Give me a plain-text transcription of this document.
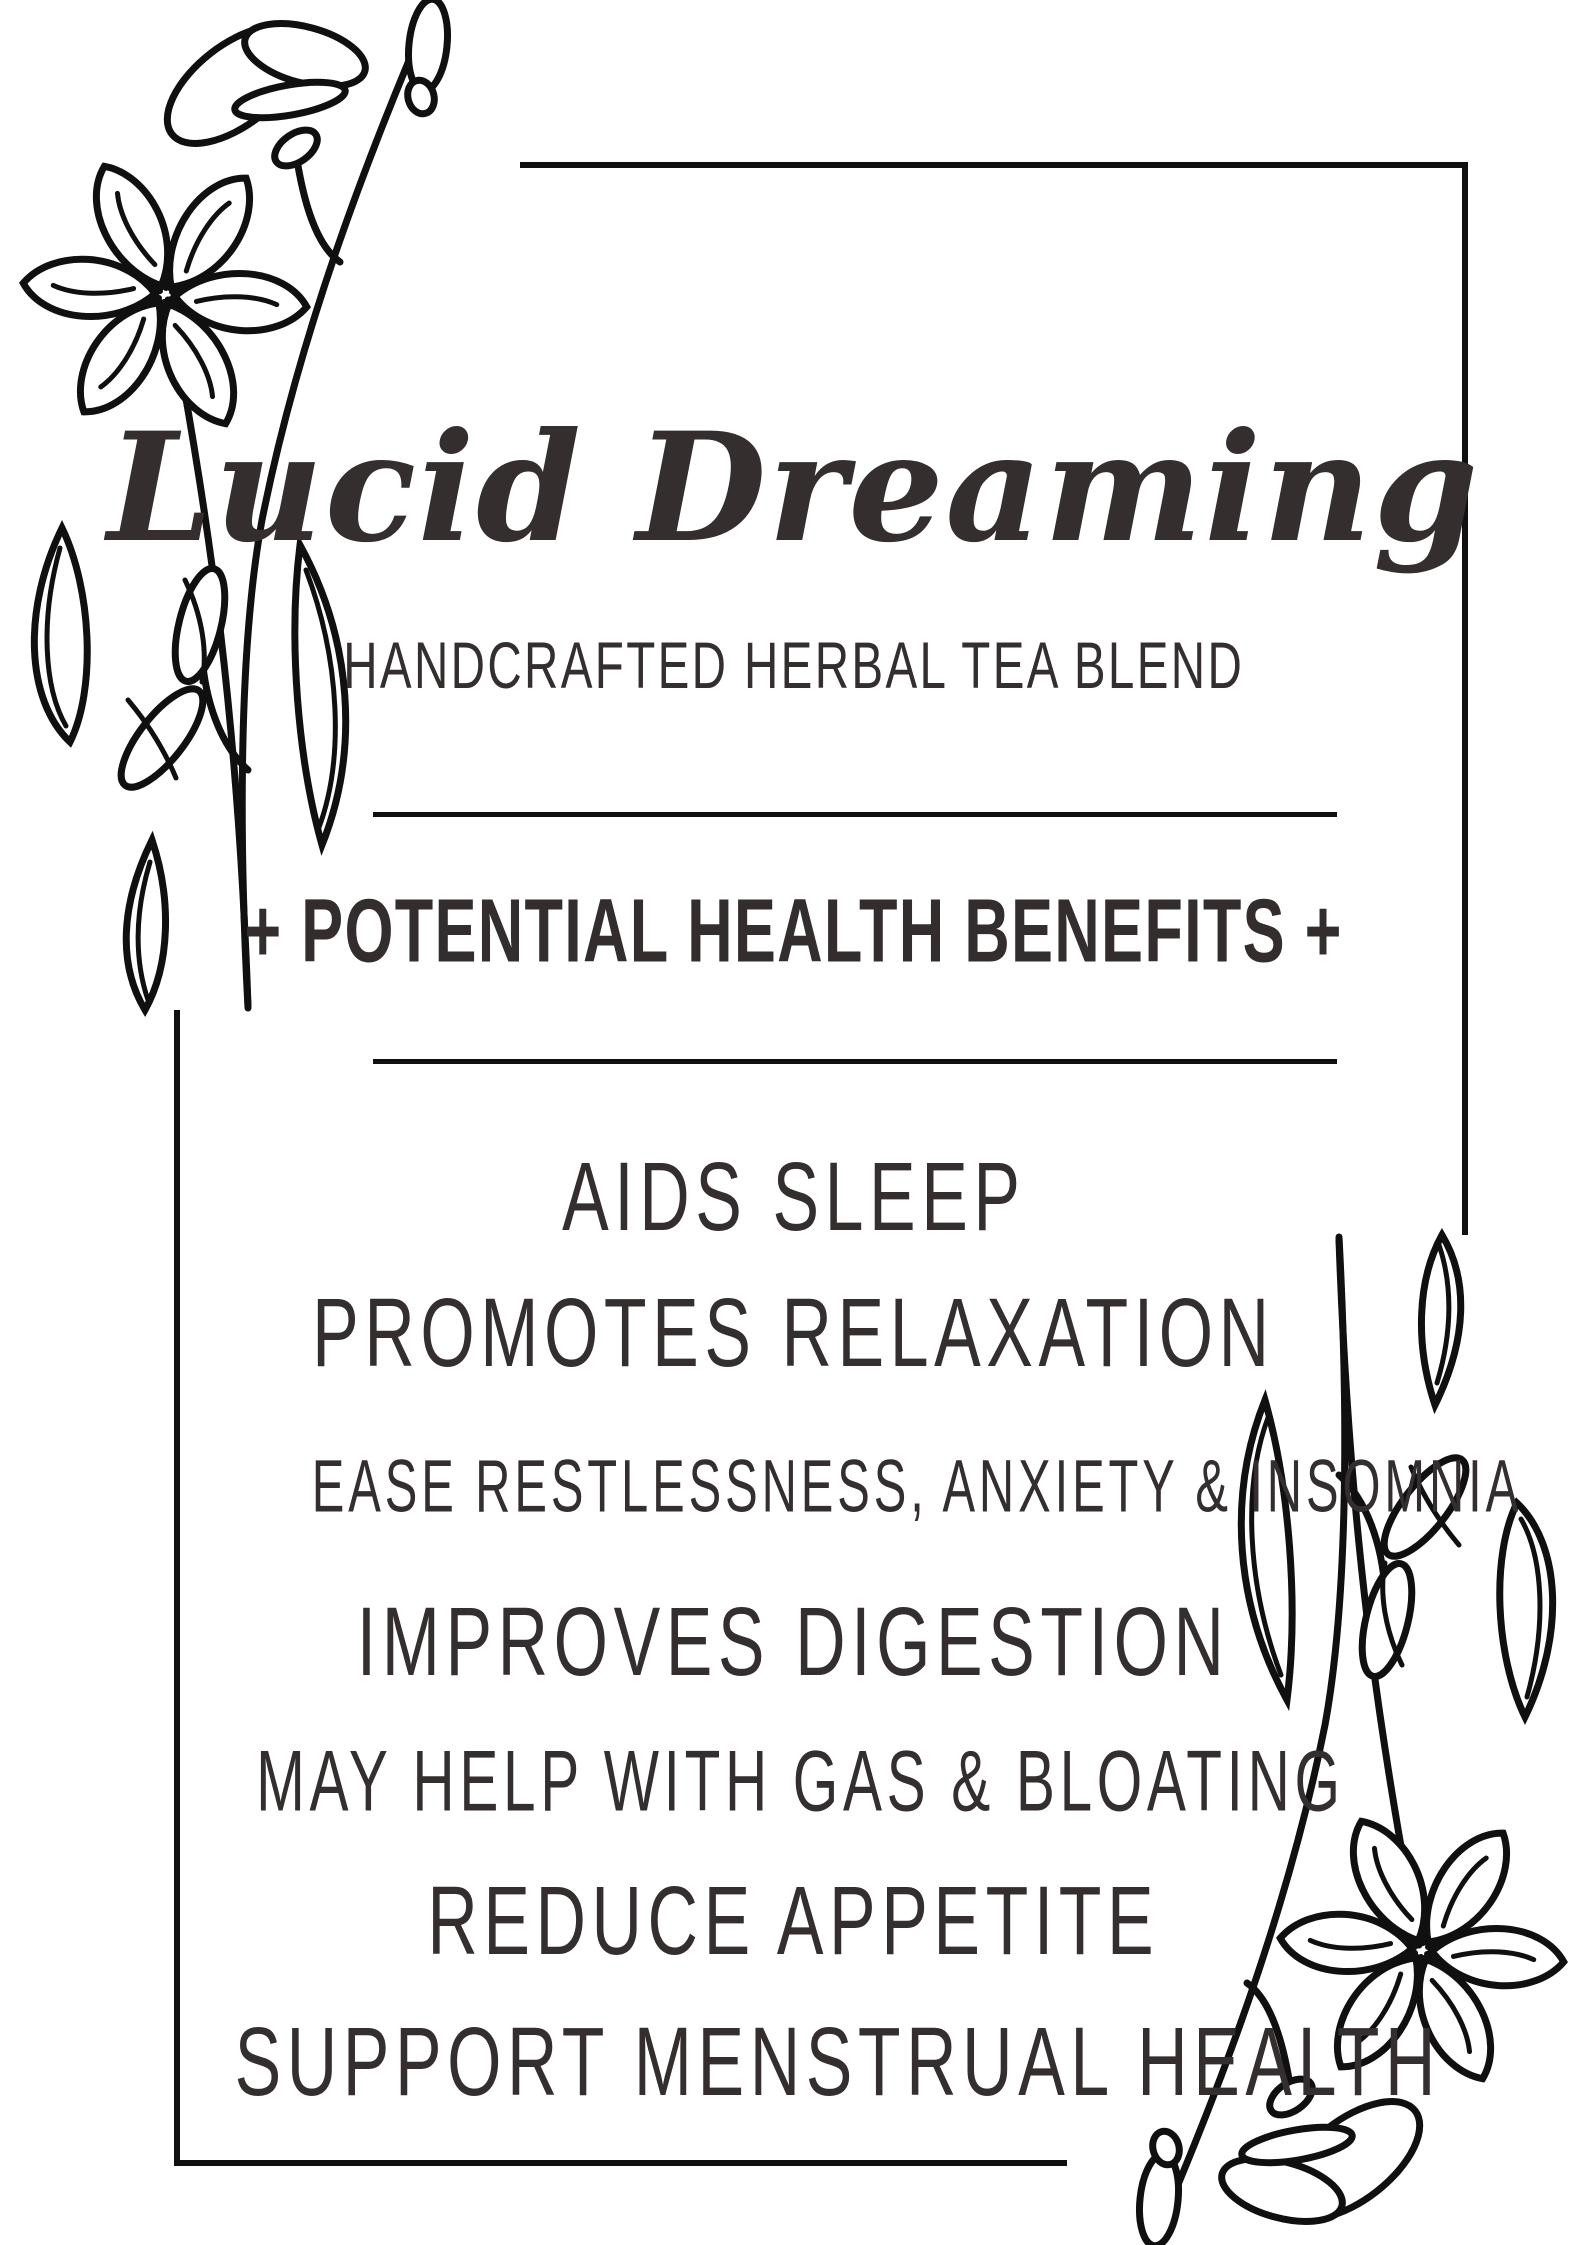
Lucid Dreaming
HANDCRAFTED HERBAL TEA BLEND
+ POTENTIAL HEALTH BENEFITS +
AIDS SLEEP
PROMOTES RELAXATION
EASE RESTLESSNESS, ANXIETY & INSOMNIA
IMPROVES DIGESTION
MAY HELP WITH GAS & BLOATING
REDUCE APPETITE
SUPPORT MENSTRUAL HEALTH
